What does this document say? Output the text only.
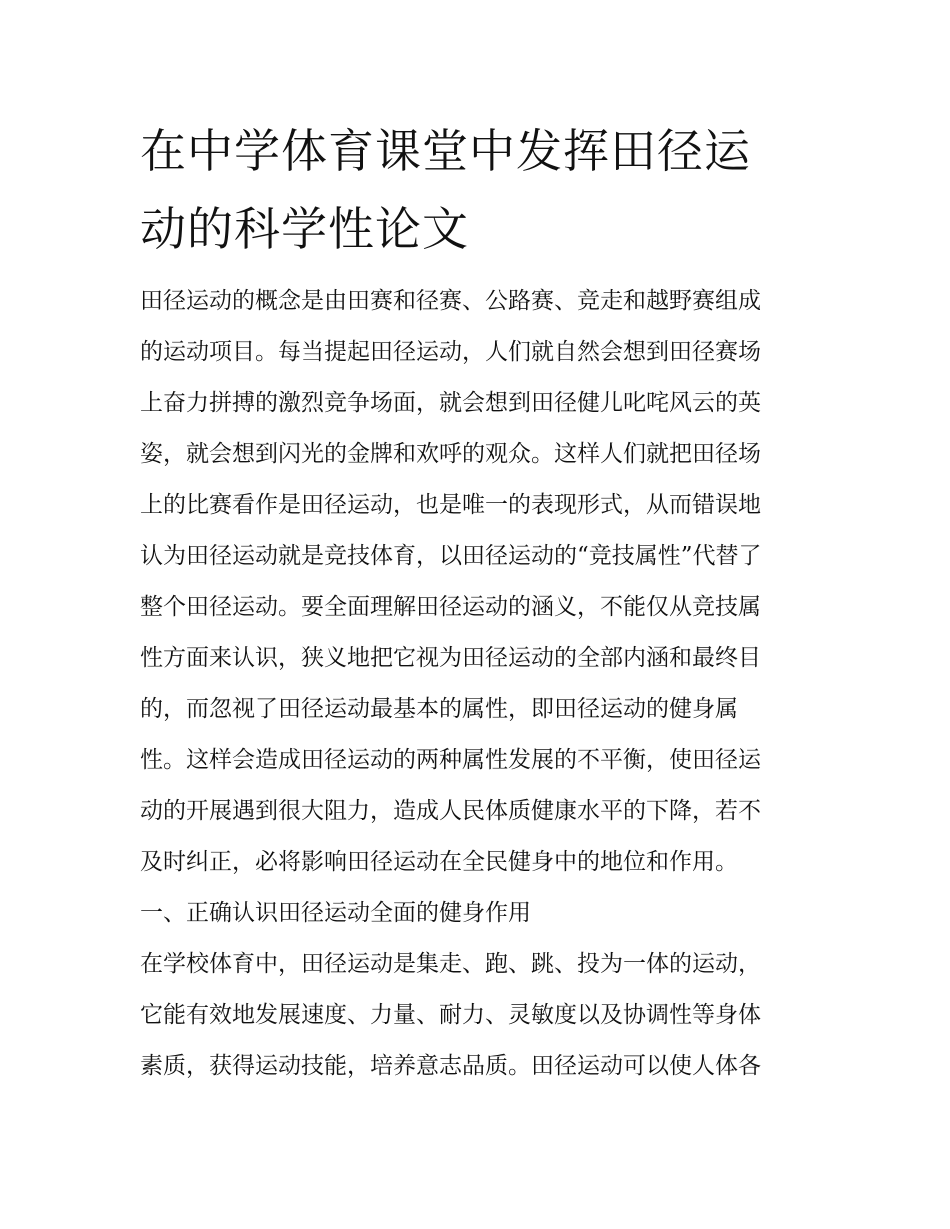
在中学体育课堂中发挥田径运
动的科学性论文
田径运动的概念是由田赛和径赛、公路赛、竞走和越野赛组成
的运动项目。每当提起田径运动，人们就自然会想到田径赛场
上奋力拼搏的激烈竞争场面，就会想到田径健儿叱咤风云的英
姿，就会想到闪光的金牌和欢呼的观众。这样人们就把田径场
上的比赛看作是田径运动，也是唯一的表现形式，从而错误地
认为田径运动就是竞技体育，以田径运动的“竞技属性”代替了
整个田径运动。要全面理解田径运动的涵义，不能仅从竞技属
性方面来认识，狭义地把它视为田径运动的全部内涵和最终目
的，而忽视了田径运动最基本的属性，即田径运动的健身属
性。这样会造成田径运动的两种属性发展的不平衡，使田径运
动的开展遇到很大阻力，造成人民体质健康水平的下降，若不
及时纠正，必将影响田径运动在全民健身中的地位和作用。
一、正确认识田径运动全面的健身作用
在学校体育中，田径运动是集走、跑、跳、投为一体的运动，
它能有效地发展速度、力量、耐力、灵敏度以及协调性等身体
素质，获得运动技能，培养意志品质。田径运动可以使人体各
